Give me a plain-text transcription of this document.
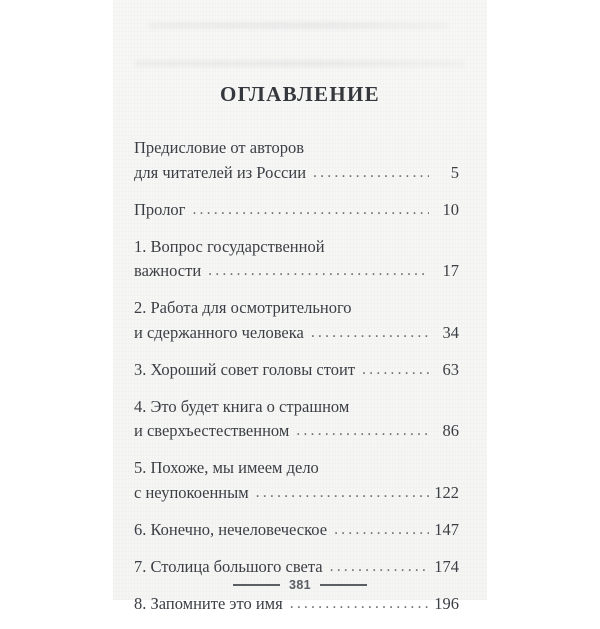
ОГЛАВЛЕНИЕ
Предисловие от авторов
для читателей из России .....	5
Пролог .....	10
1. Вопрос государственной
важности .....	17
2. Работа для осмотрительного
и сдержанного человека .....	34
3. Хороший совет головы стоит .....	63
4. Это будет книга о страшном
и сверхъестественном .....	86
5. Похоже, мы имеем дело
с неупокоенным .....	122
6. Конечно, нечеловеческое .....	147
7. Столица большого света .....	174
8. Запомните это имя .....	196
381
